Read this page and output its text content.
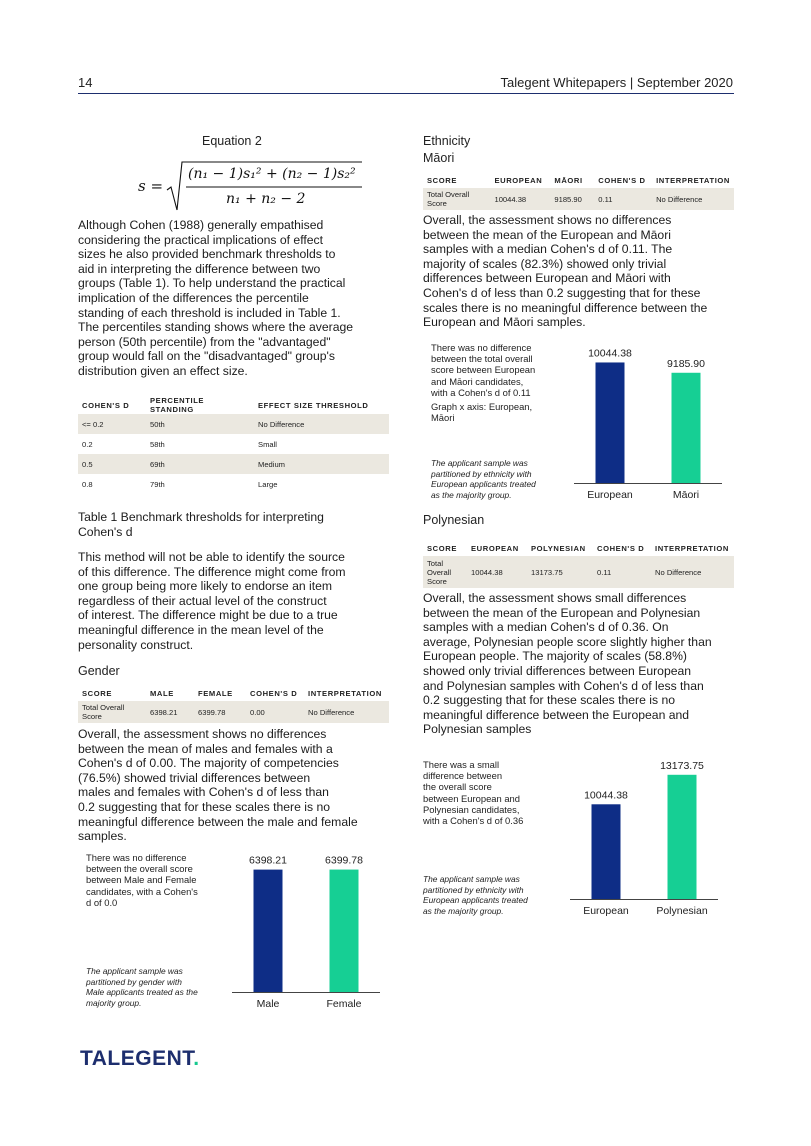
14	Talegent Whitepapers | September 2020
Equation 2
s =
(n₁ − 1)s₁² + (n₂ − 1)s₂²
n₁ + n₂ − 2
Although Cohen (1988) generally empathised
considering the practical implications of effect
sizes he also provided benchmark thresholds to
aid in interpreting the difference between two
groups (Table 1). To help understand the practical
implication of the differences the percentile
standing of each threshold is included in Table 1.
The percentiles standing shows where the average
person (50th percentile) from the "advantaged"
group would fall on the "disadvantaged" group's
distribution given an effect size.
COHEN'S D	PERCENTILE STANDING	EFFECT SIZE THRESHOLD
<= 0.2	50th	No Difference
0.2	58th	Small
0.5	69th	Medium
0.8	79th	Large
Table 1 Benchmark thresholds for interpreting
Cohen's d
This method will not be able to identify the source
of this difference. The difference might come from
one group being more likely to endorse an item
regardless of their actual level of the construct
of interest. The difference might be due to a true
meaningful difference in the mean level of the
personality construct.
Gender
SCORE	MALE	FEMALE	COHEN'S D	INTERPRETATION
Total Overall Score	6398.21	6399.78	0.00	No Difference
Overall, the assessment shows no differences
between the mean of males and females with a
Cohen's d of 0.00. The majority of competencies
(76.5%) showed trivial differences between
males and females with Cohen's d of less than
0.2 suggesting that for these scales there is no
meaningful difference between the male and female
samples.
There was no difference
between the overall score
between Male and Female
candidates, with a Cohen's
d of 0.0
The applicant sample was
partitioned by gender with
Male applicants treated as the
majority group.
6398.21
Male
6399.78
Female
Ethnicity
Māori
SCORE	EUROPEAN	MĀORI	COHEN'S D	INTERPRETATION
Total Overall Score	10044.38	9185.90	0.11	No Difference
Overall, the assessment shows no differences
between the mean of the European and Māori
samples with a median Cohen's d of 0.11. The
majority of scales (82.3%) showed only trivial
differences between European and Māori with
Cohen's d of less than 0.2 suggesting that for these
scales there is no meaningful difference between the
European and Māori samples.
There was no difference
between the total overall
score between European
and Māori candidates,
with a Cohen's d of 0.11
Graph x axis: European,
Māori
The applicant sample was
partitioned by ethnicity with
European applicants treated
as the majority group.
10044.38
European
9185.90
Māori
Polynesian
SCORE	EUROPEAN	POLYNESIAN	COHEN'S D	INTERPRETATION
Total Overall Score	10044.38	13173.75	0.11	No Difference
Overall, the assessment shows small differences
between the mean of the European and Polynesian
samples with a median Cohen's d of 0.36. On
average, Polynesian people score slightly higher than
European people. The majority of scales (58.8%)
showed only trivial differences between European
and Polynesian samples with Cohen's d of less than
0.2 suggesting that for these scales there is no
meaningful difference between the European and
Polynesian samples
There was a small
difference between
the overall score
between European and
Polynesian candidates,
with a Cohen's d of 0.36
The applicant sample was
partitioned by ethnicity with
European applicants treated
as the majority group.
10044.38
European
13173.75
Polynesian
TALEGENT.
